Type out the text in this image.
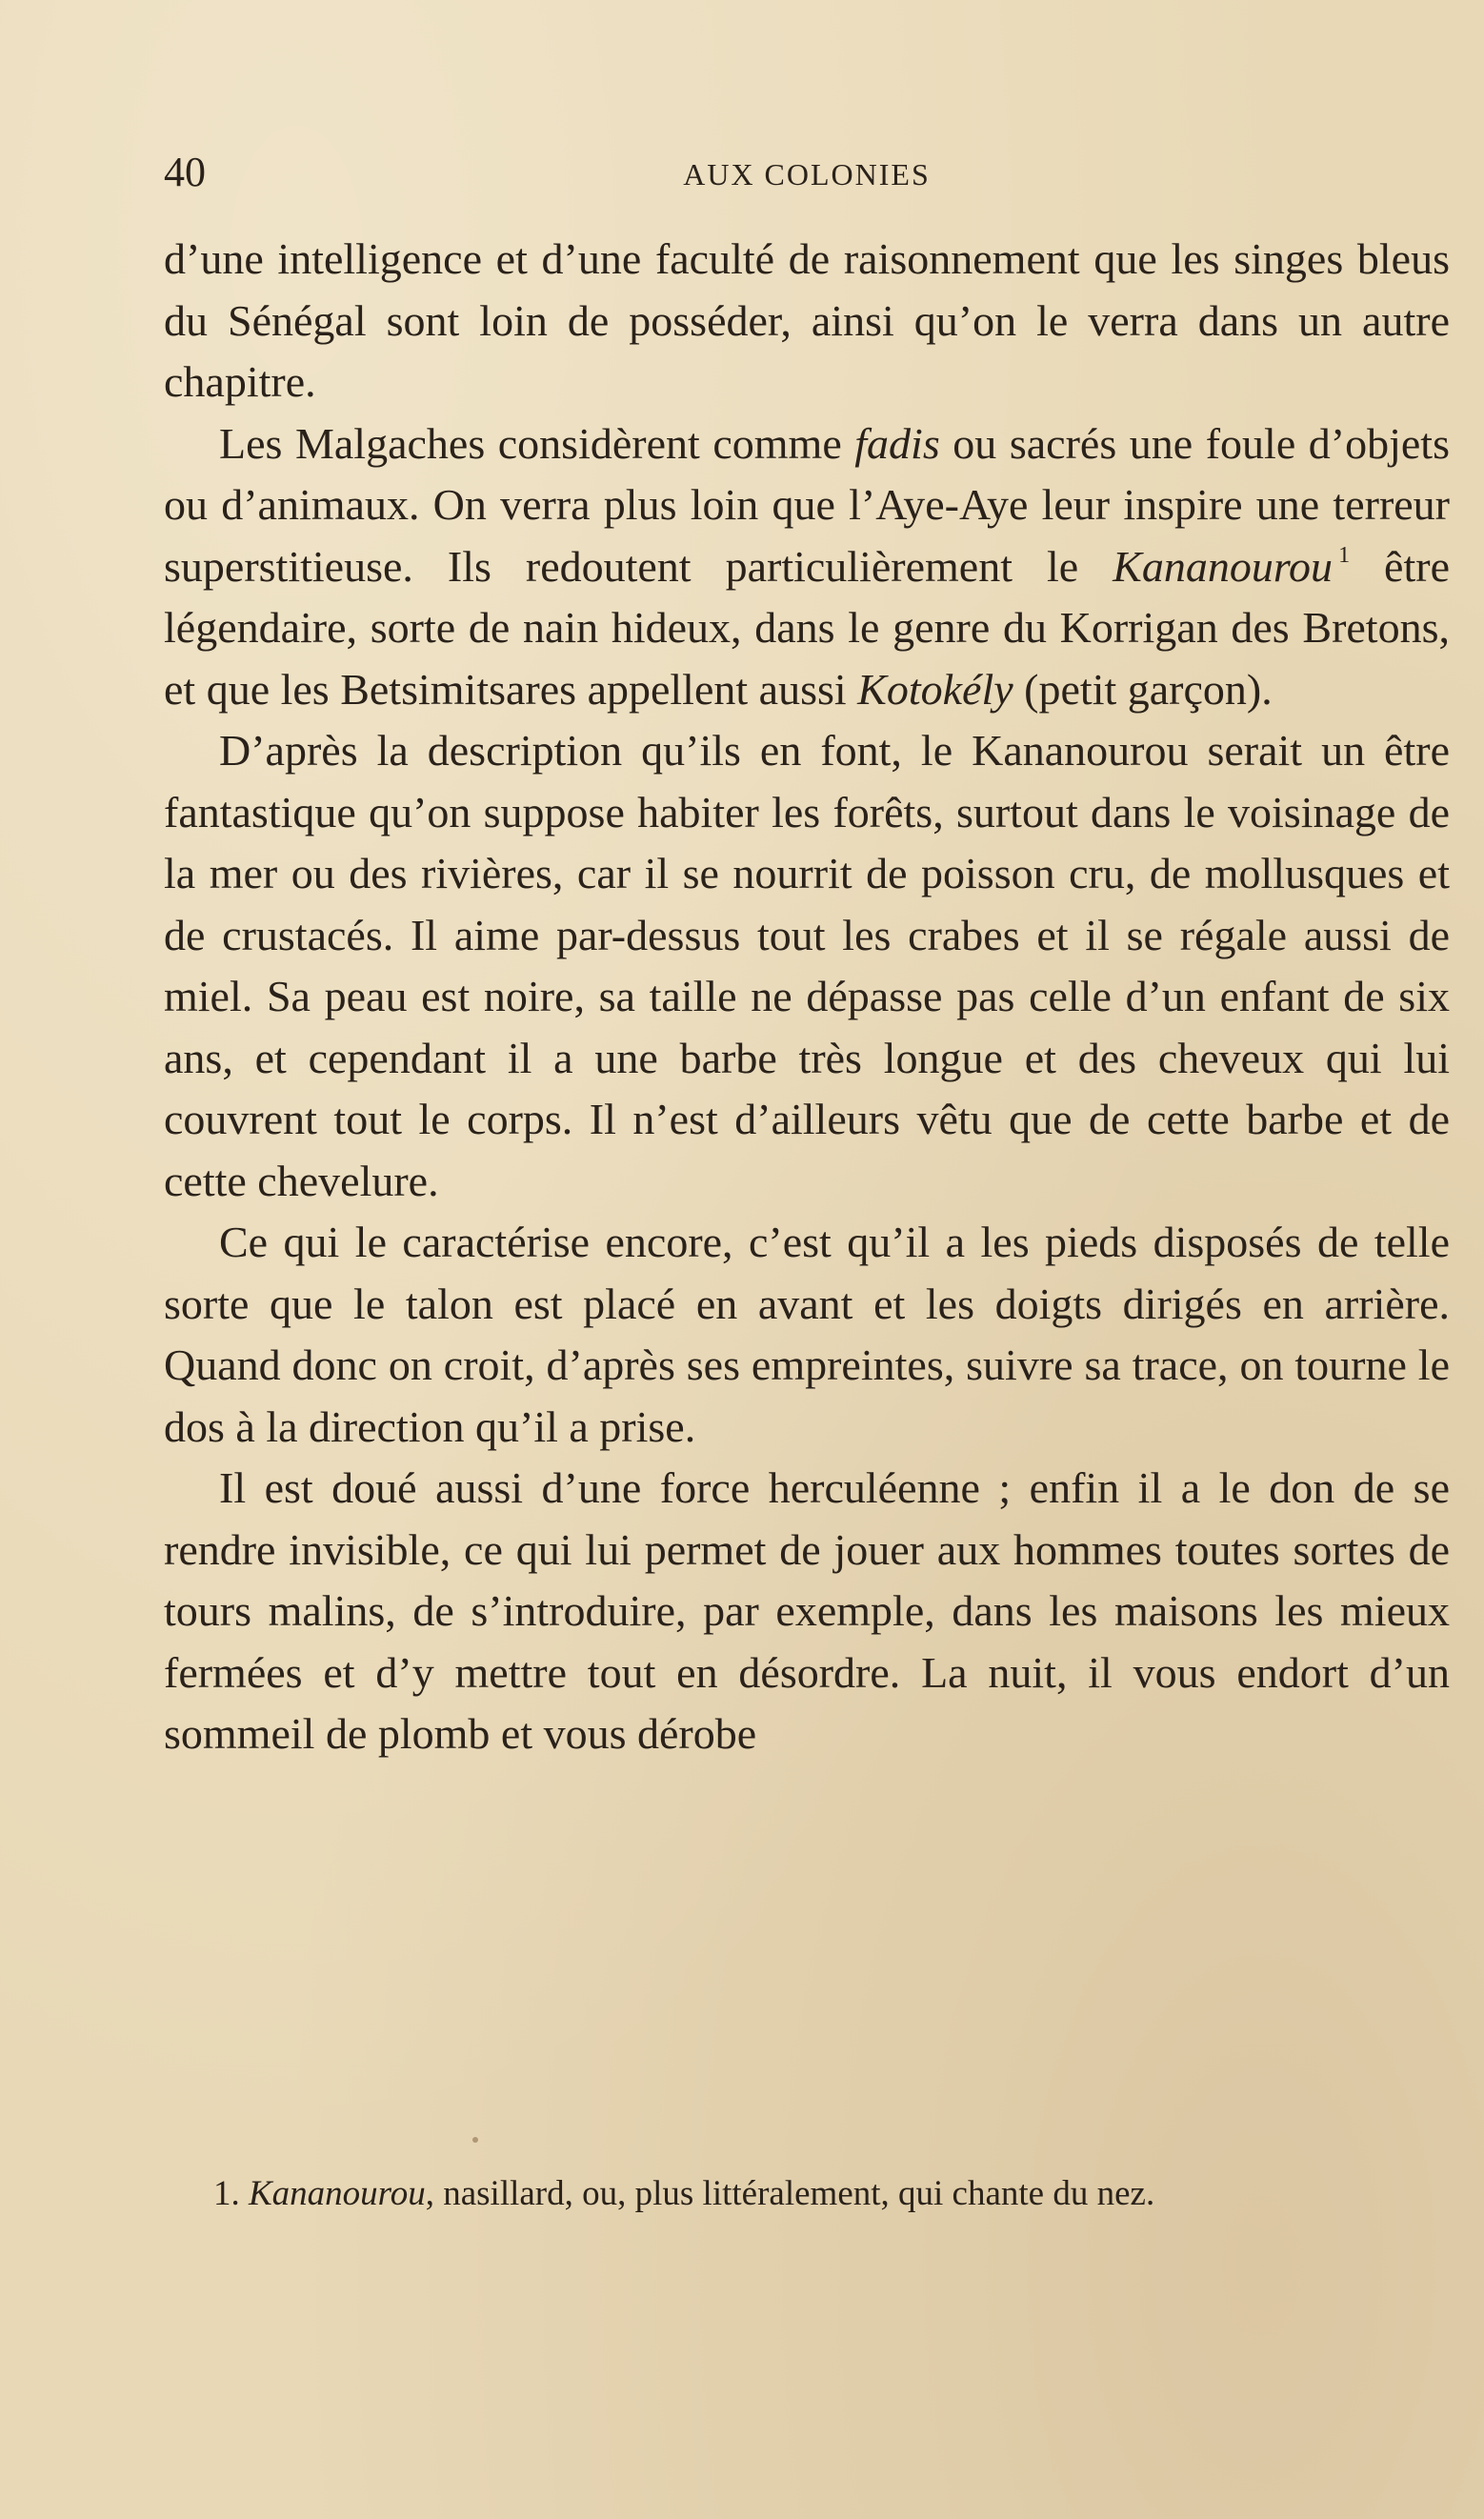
40	AUX COLONIES

d’une intelligence et d’une faculté de raisonnement que les singes bleus du Sénégal sont loin de posséder, ainsi qu’on le verra dans un autre chapitre.

Les Malgaches considèrent comme fadis ou sacrés une foule d’objets ou d’animaux. On verra plus loin que l’Aye-Aye leur inspire une terreur superstitieuse. Ils redoutent particulièrement le Kananourou $^1$ être légendaire, sorte de nain hideux, dans le genre du Korrigan des Bretons, et que les Betsimitsares appellent aussi Kotokély (petit garçon).

D’après la description qu’ils en font, le Kananourou serait un être fantastique qu’on suppose habiter les forêts, surtout dans le voisinage de la mer ou des rivières, car il se nourrit de poisson cru, de mollusques et de crustacés. Il aime par-dessus tout les crabes et il se régale aussi de miel. Sa peau est noire, sa taille ne dépasse pas celle d’un enfant de six ans, et cependant il a une barbe très longue et des cheveux qui lui couvrent tout le corps. Il n’est d’ailleurs vêtu que de cette barbe et de cette chevelure.

Ce qui le caractérise encore, c’est qu’il a les pieds disposés de telle sorte que le talon est placé en avant et les doigts dirigés en arrière. Quand donc on croit, d’après ses empreintes, suivre sa trace, on tourne le dos à la direction qu’il a prise.

Il est doué aussi d’une force herculéenne ; enfin il a le don de se rendre invisible, ce qui lui permet de jouer aux hommes toutes sortes de tours malins, de s’introduire, par exemple, dans les maisons les mieux fermées et d’y mettre tout en désordre. La nuit, il vous endort d’un sommeil de plomb et vous dérobe

1. Kananourou, nasillard, ou, plus littéralement, qui chante du nez.
